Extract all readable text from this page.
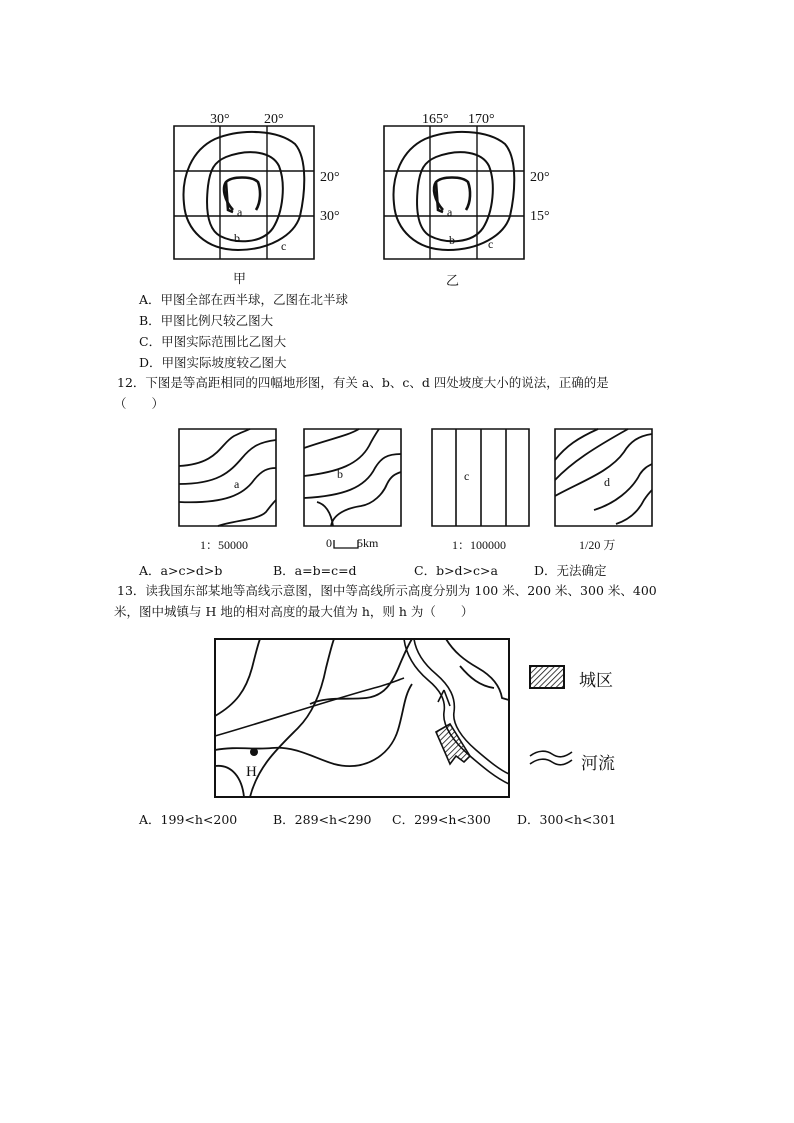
30° 20°
a
b
c
20°
30°
甲
165° 170°
a
b	c
20°
15°
乙
A．甲图全部在西半球，乙图在北半球
B．甲图比例尺较乙图大
C．甲图实际范围比乙图大
D．甲图实际坡度较乙图大
12．下图是等高距相同的四幅地形图，有关 a、b、c、d 四处坡度大小的说法，正确的是
（　　）
a
1：50000
b
0 5km
c
1：100000
d
1/20 万
A．a>c>d>b	B．a=b=c=d	C．b>d>c>a	D．无法确定
13．读我国东部某地等高线示意图，图中等高线所示高度分别为 100 米、200 米、300 米、400
米，图中城镇与 H 地的相对高度的最大值为 h，则 h 为（　　）
H
城区
河流
A．199<h<200	B．289<h<290 C．299<h<300 D．300<h<301
